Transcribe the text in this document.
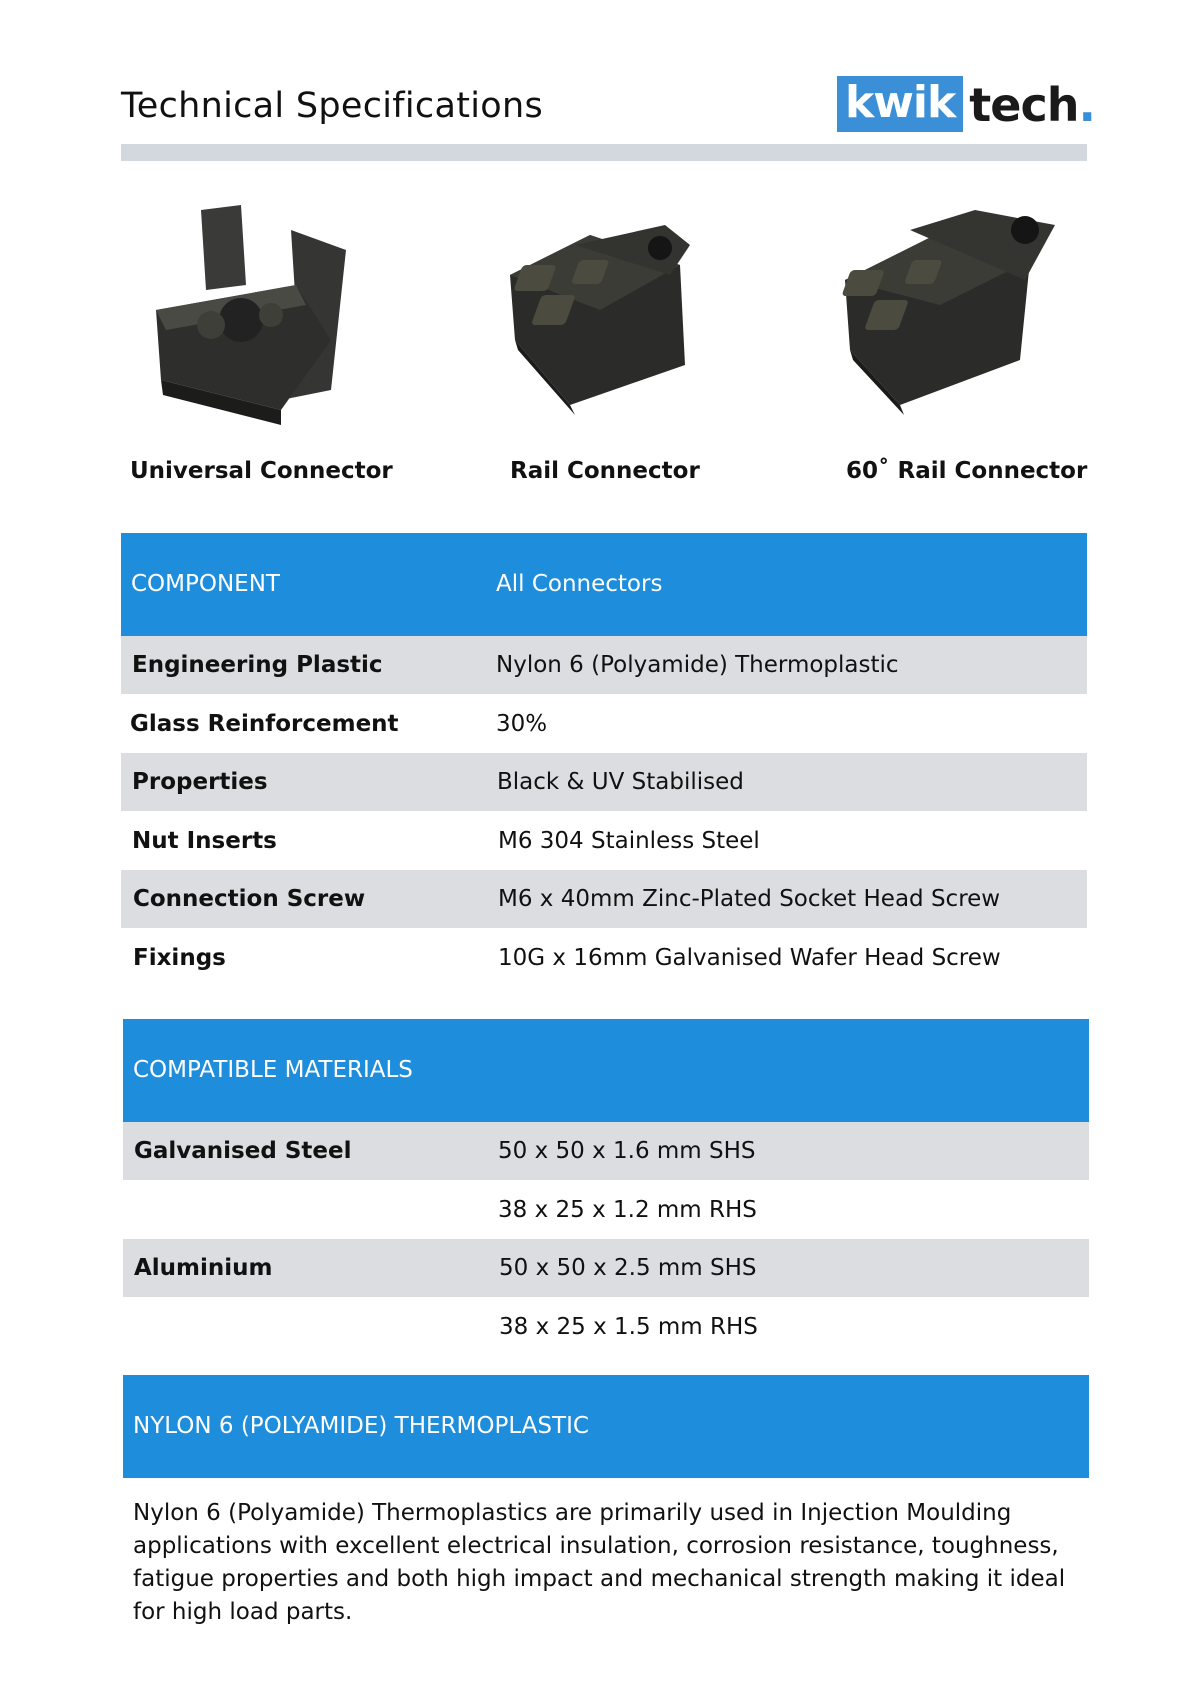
Technical Specifications	kwik tech .
Universal Connector	Rail Connector	60˚ Rail Connector
COMPONENT	All Connectors
Engineering Plastic	Nylon 6 (Polyamide) Thermoplastic
Glass Reinforcement	30%
Properties	Black & UV Stabilised
Nut Inserts	M6 304 Stainless Steel
Connection Screw	M6 x 40mm Zinc-Plated Socket Head Screw
Fixings	10G x 16mm Galvanised Wafer Head Screw
COMPATIBLE MATERIALS
Galvanised Steel	50 x 50 x 1.6 mm SHS
38 x 25 x 1.2 mm RHS
Aluminium	50 x 50 x 2.5 mm SHS
38 x 25 x 1.5 mm RHS
NYLON 6 (POLYAMIDE) THERMOPLASTIC
Nylon 6 (Polyamide) Thermoplastics are primarily used in Injection Moulding applications with excellent electrical insulation, corrosion resistance, toughness, fatigue properties and both high impact and mechanical strength making it ideal for high load parts.
